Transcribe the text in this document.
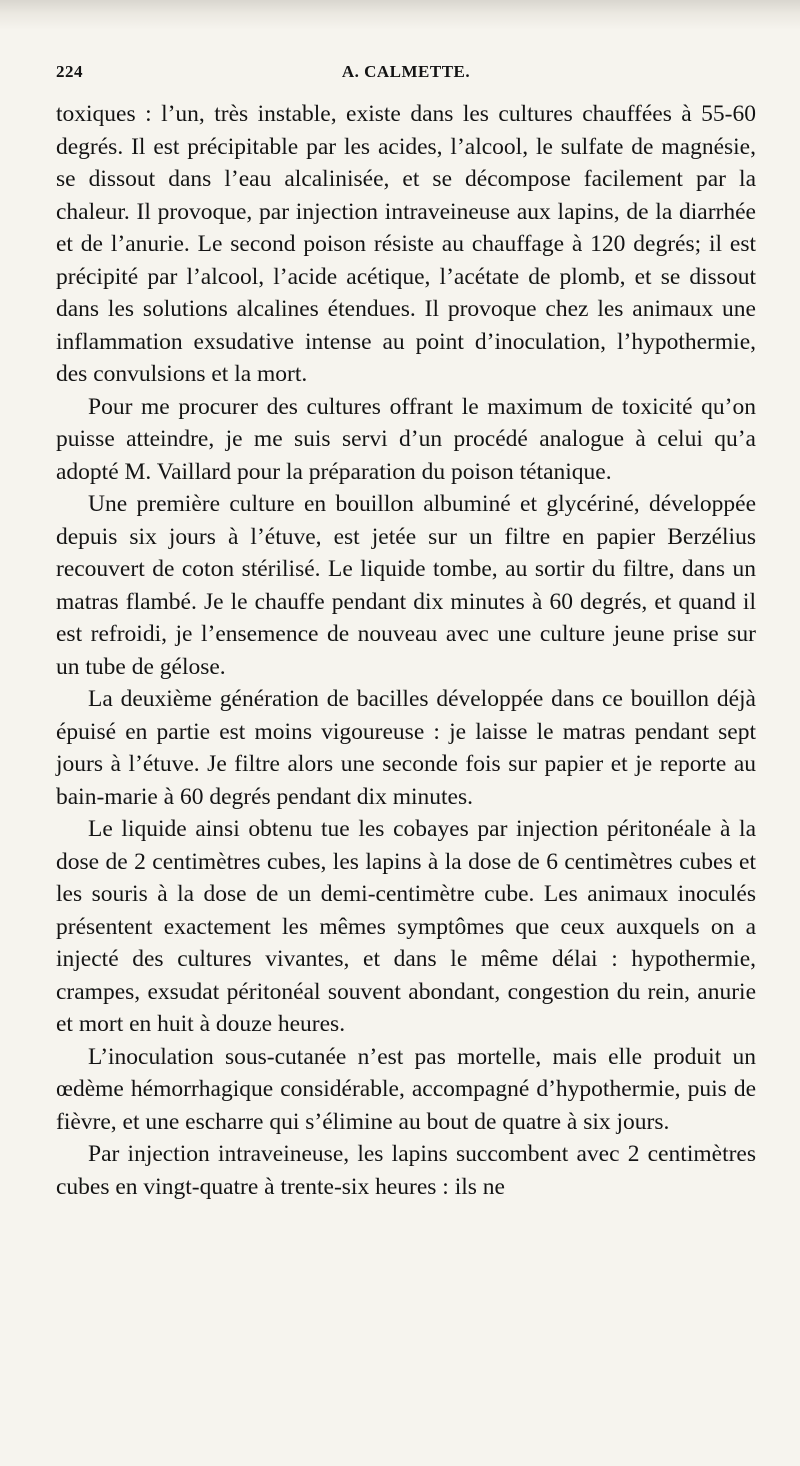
224	A. CALMETTE.

toxiques : l’un, très instable, existe dans les cultures chauffées à 55-60 degrés. Il est précipitable par les acides, l’alcool, le sulfate de magnésie, se dissout dans l’eau alcalinisée, et se décompose facilement par la chaleur. Il provoque, par injection intraveineuse aux lapins, de la diarrhée et de l’anurie. Le second poison résiste au chauffage à 120 degrés; il est précipité par l’alcool, l’acide acétique, l’acétate de plomb, et se dissout dans les solutions alcalines étendues. Il provoque chez les animaux une inflammation exsudative intense au point d’inoculation, l’hypothermie, des convulsions et la mort.

Pour me procurer des cultures offrant le maximum de toxicité qu’on puisse atteindre, je me suis servi d’un procédé analogue à celui qu’a adopté M. Vaillard pour la préparation du poison tétanique.

Une première culture en bouillon albuminé et glycériné, développée depuis six jours à l’étuve, est jetée sur un filtre en papier Berzélius recouvert de coton stérilisé. Le liquide tombe, au sortir du filtre, dans un matras flambé. Je le chauffe pendant dix minutes à 60 degrés, et quand il est refroidi, je l’ensemence de nouveau avec une culture jeune prise sur un tube de gélose.

La deuxième génération de bacilles développée dans ce bouillon déjà épuisé en partie est moins vigoureuse : je laisse le matras pendant sept jours à l’étuve. Je filtre alors une seconde fois sur papier et je reporte au bain-marie à 60 degrés pendant dix minutes.

Le liquide ainsi obtenu tue les cobayes par injection péritonéale à la dose de 2 centimètres cubes, les lapins à la dose de 6 centimètres cubes et les souris à la dose de un demi-centimètre cube. Les animaux inoculés présentent exactement les mêmes symptômes que ceux auxquels on a injecté des cultures vivantes, et dans le même délai : hypothermie, crampes, exsudat péritonéal souvent abondant, congestion du rein, anurie et mort en huit à douze heures.

L’inoculation sous-cutanée n’est pas mortelle, mais elle produit un œdème hémorrhagique considérable, accompagné d’hypothermie, puis de fièvre, et une escharre qui s’élimine au bout de quatre à six jours.

Par injection intraveineuse, les lapins succombent avec 2 centimètres cubes en vingt-quatre à trente-six heures : ils ne
